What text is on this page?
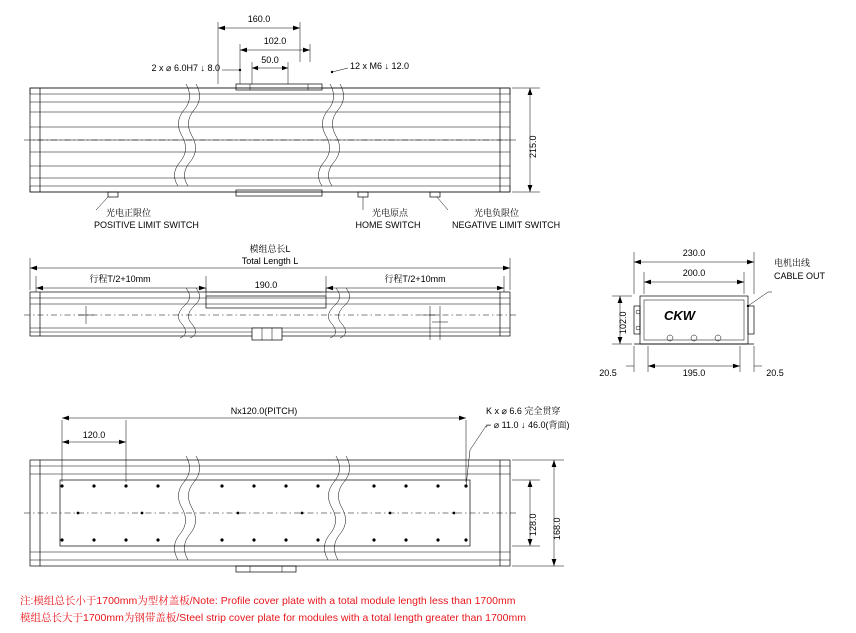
160.0
102.0
50.0
2 x ⌀ 6.0H7 ↓ 8.0	12 x M6 ↓ 12.0
215.0
光电正限位
POSITIVE LIMIT SWITCH
光电原点
HOME SWITCH
光电负限位
NEGATIVE LIMIT SWITCH
模组总长L
Total Length L
行程T/2+10mm	行程T/2+10mm
190.0
230.0
200.0
102.0
195.0
20.5	20.5
电机出线
CABLE OUT
CKW
Nx120.0(PITCH)
120.0
K x ⌀ 6.6 完全贯穿
⌐ ⌀ 11.0 ↓ 46.0(背面)
128.0 168.0
注:模组总长小于1700mm为型材盖板/Note: Profile cover plate with a total module length less than 1700mm
模组总长大于1700mm为钢带盖板/Steel strip cover plate for modules with a total length greater than 1700mm
